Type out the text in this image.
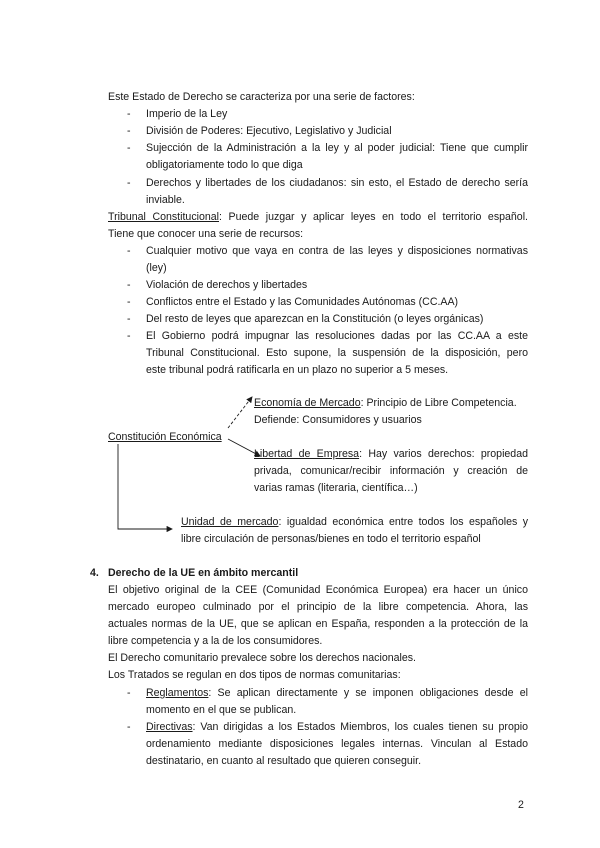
Este Estado de Derecho se caracteriza por una serie de factores:
- Imperio de la Ley
- División de Poderes: Ejecutivo, Legislativo y Judicial
- Sujección de la Administración a la ley y al poder judicial: Tiene que cumplir
obligatoriamente todo lo que diga
- Derechos y libertades de los ciudadanos: sin esto, el Estado de derecho sería
inviable.
Tribunal Constitucional: Puede juzgar y aplicar leyes en todo el territorio español.
Tiene que conocer una serie de recursos:
- Cualquier motivo que vaya en contra de las leyes y disposiciones normativas
(ley)
- Violación de derechos y libertades
- Conflictos entre el Estado y las Comunidades Autónomas (CC.AA)
- Del resto de leyes que aparezcan en la Constitución (o leyes orgánicas)
- El Gobierno podrá impugnar las resoluciones dadas por las CC.AA a este
Tribunal Constitucional. Esto supone, la suspensión de la disposición, pero
este tribunal podrá ratificarla en un plazo no superior a 5 meses.
Economía de Mercado: Principio de Libre Competencia.
Defiende: Consumidores y usuarios
Constitución Económica
Libertad de Empresa: Hay varios derechos: propiedad
privada, comunicar/recibir información y creación de
varias ramas (literaria, científica…)
Unidad de mercado: igualdad económica entre todos los españoles y
libre circulación de personas/bienes en todo el territorio español
4. Derecho de la UE en ámbito mercantil
El objetivo original de la CEE (Comunidad Económica Europea) era hacer un único
mercado europeo culminado por el principio de la libre competencia. Ahora, las
actuales normas de la UE, que se aplican en España, responden a la protección de la
libre competencia y a la de los consumidores.
El Derecho comunitario prevalece sobre los derechos nacionales.
Los Tratados se regulan en dos tipos de normas comunitarias:
- Reglamentos: Se aplican directamente y se imponen obligaciones desde el
momento en el que se publican.
- Directivas: Van dirigidas a los Estados Miembros, los cuales tienen su propio
ordenamiento mediante disposiciones legales internas. Vinculan al Estado
destinatario, en cuanto al resultado que quieren conseguir.
2
